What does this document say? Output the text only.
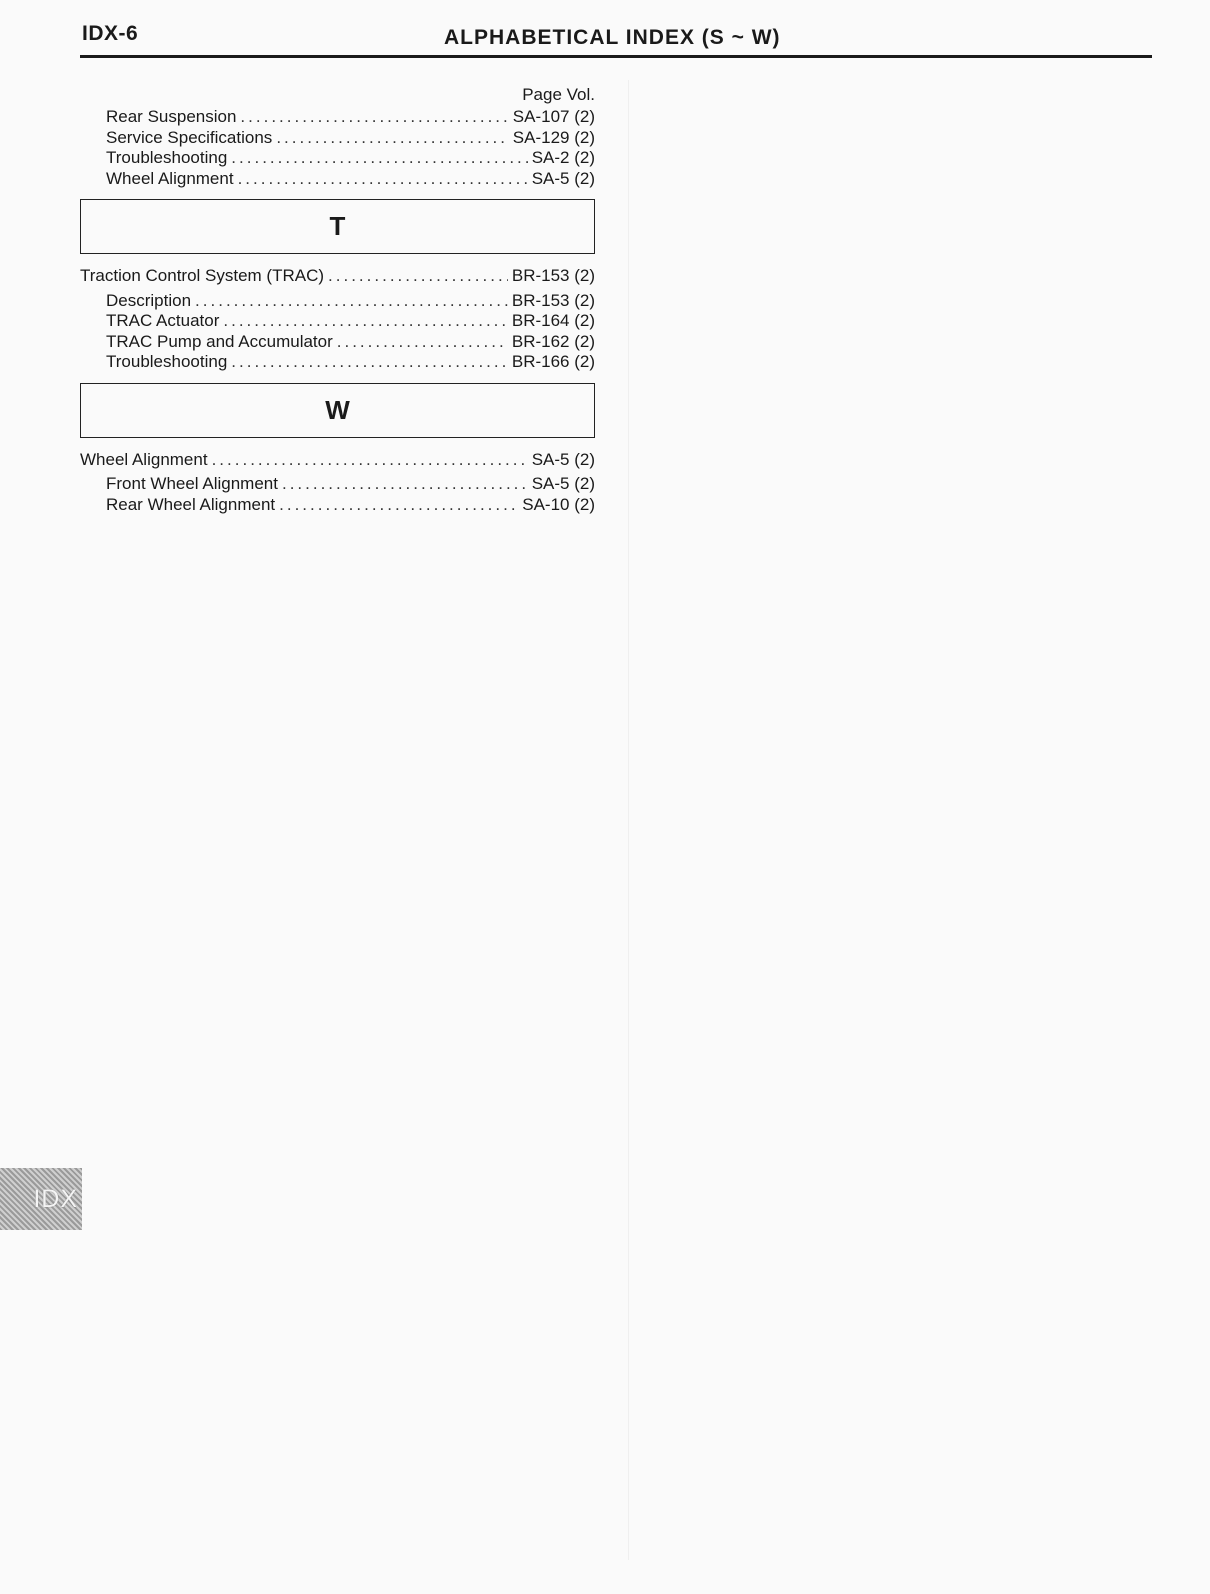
IDX-6	ALPHABETICAL INDEX (S ~ W)
Page Vol.
Rear Suspension .....	SA-107 (2)
Service Specifications .....	SA-129 (2)
Troubleshooting .....	SA-2 (2)
Wheel Alignment .....	SA-5 (2)
T
Traction Control System (TRAC) .....	BR-153 (2)
Description .....	BR-153 (2)
TRAC Actuator .....	BR-164 (2)
TRAC Pump and Accumulator .....	BR-162 (2)
Troubleshooting .....	BR-166 (2)
W
Wheel Alignment .....	SA-5 (2)
Front Wheel Alignment .....	SA-5 (2)
Rear Wheel Alignment .....	SA-10 (2)
IDX
